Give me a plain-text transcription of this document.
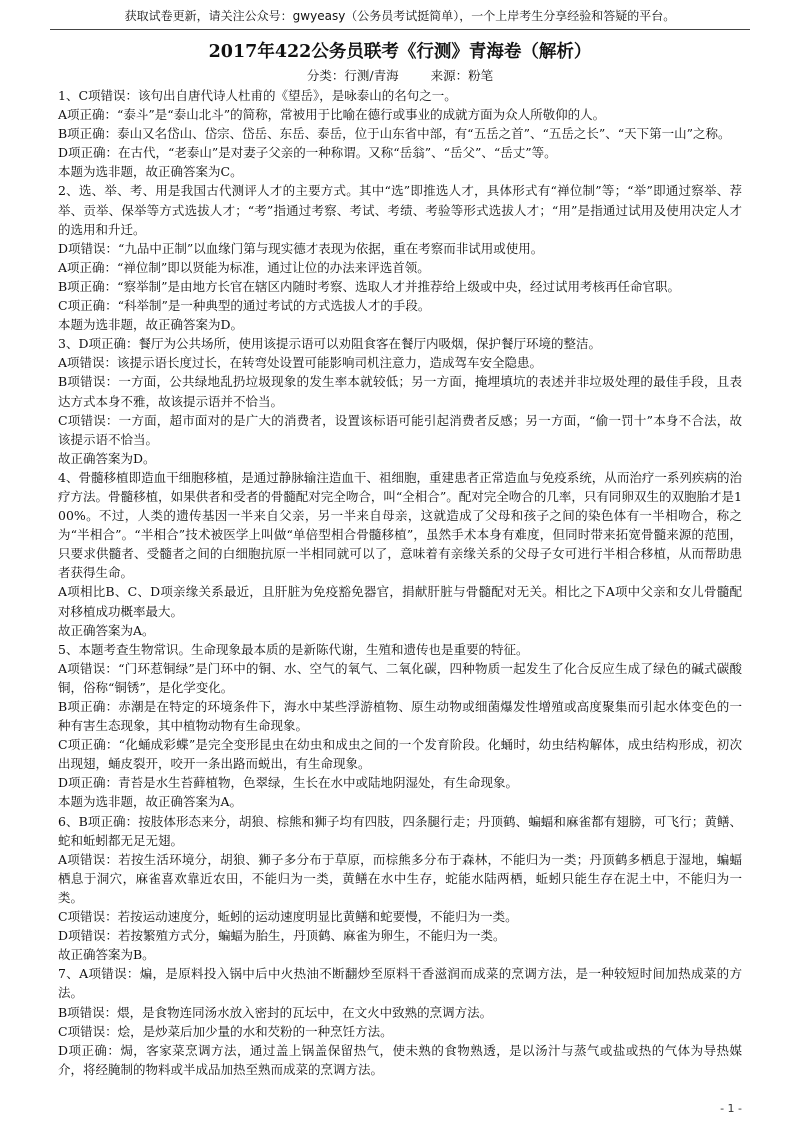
获取试卷更新，请关注公众号：gwyeasy（公务员考试挺简单），一个上岸考生分享经验和答疑的平台。
2017年422公务员联考《行测》青海卷（解析）
分类：行测/青海	来源：粉笔

1、C项错误：该句出自唐代诗人杜甫的《望岳》，是咏泰山的名句之一。

A项正确：“泰斗”是“泰山北斗”的简称，常被用于比喻在德行或事业的成就方面为众人所敬仰的人。

B项正确：泰山又名岱山、岱宗、岱岳、东岳、泰岳，位于山东省中部，有“五岳之首”、“五岳之长”、“天下第一山”之称。

D项正确：在古代，“老泰山”是对妻子父亲的一种称谓。又称“岳翁”、“岳父”、“岳丈”等。

本题为选非题，故正确答案为C。

2、选、举、考、用是我国古代测评人才的主要方式。其中“选”即推选人才，具体形式有“禅位制”等；“举”即通过察举、荐举、贡举、保举等方式选拔人才；“考”指通过考察、考试、考绩、考验等形式选拔人才；“用”是指通过试用及使用决定人才的选用和升迁。

D项错误：“九品中正制”以血缘门第与现实德才表现为依据，重在考察而非试用或使用。

A项正确：“禅位制”即以贤能为标准，通过让位的办法来评选首领。

B项正确：“察举制”是由地方长官在辖区内随时考察、选取人才并推荐给上级或中央，经过试用考核再任命官职。

C项正确：“科举制”是一种典型的通过考试的方式选拔人才的手段。

本题为选非题，故正确答案为D。

3、D项正确：餐厅为公共场所，使用该提示语可以劝阻食客在餐厅内吸烟，保护餐厅环境的整洁。

A项错误：该提示语长度过长，在转弯处设置可能影响司机注意力，造成驾车安全隐患。

B项错误：一方面，公共绿地乱扔垃圾现象的发生率本就较低；另一方面，掩埋填坑的表述并非垃圾处理的最佳手段，且表达方式本身不雅，故该提示语并不恰当。

C项错误：一方面，超市面对的是广大的消费者，设置该标语可能引起消费者反感；另一方面，“偷一罚十”本身不合法，故该提示语不恰当。

故正确答案为D。

4、骨髓移植即造血干细胞移植，是通过静脉输注造血干、祖细胞，重建患者正常造血与免疫系统，从而治疗一系列疾病的治疗方法。骨髓移植，如果供者和受者的骨髓配对完全吻合，叫“全相合”。配对完全吻合的几率，只有同卵双生的双胞胎才是100%。不过，人类的遗传基因一半来自父亲，另一半来自母亲，这就造成了父母和孩子之间的染色体有一半相吻合，称之为“半相合”。“半相合”技术被医学上叫做“单倍型相合骨髓移植”，虽然手术本身有难度，但同时带来拓宽骨髓来源的范围，只要求供髓者、受髓者之间的白细胞抗原一半相同就可以了，意味着有亲缘关系的父母子女可进行半相合移植，从而帮助患者获得生命。

A项相比B、C、D项亲缘关系最近，且肝脏为免疫豁免器官，捐献肝脏与骨髓配对无关。相比之下A项中父亲和女儿骨髓配对移植成功概率最大。

故正确答案为A。

5、本题考查生物常识。生命现象最本质的是新陈代谢，生殖和遗传也是重要的特征。

A项错误：“门环惹铜绿”是门环中的铜、水、空气的氧气、二氧化碳，四种物质一起发生了化合反应生成了绿色的碱式碳酸铜，俗称“铜锈”，是化学变化。

B项正确：赤潮是在特定的环境条件下，海水中某些浮游植物、原生动物或细菌爆发性增殖或高度聚集而引起水体变色的一种有害生态现象，其中植物动物有生命现象。

C项正确：“化蛹成彩蝶”是完全变形昆虫在幼虫和成虫之间的一个发育阶段。化蛹时，幼虫结构解体，成虫结构形成，初次出现翅，蛹皮裂开，咬开一条出路而蜕出，有生命现象。

D项正确：青苔是水生苔藓植物，色翠绿，生长在水中或陆地阴湿处，有生命现象。

本题为选非题，故正确答案为A。

6、B项正确：按肢体形态来分，胡狼、棕熊和狮子均有四肢，四条腿行走；丹顶鹤、蝙蝠和麻雀都有翅膀，可飞行；黄鳝、蛇和蚯蚓都无足无翅。

A项错误：若按生活环境分，胡狼、狮子多分布于草原，而棕熊多分布于森林，不能归为一类；丹顶鹤多栖息于湿地，蝙蝠栖息于洞穴，麻雀喜欢靠近农田，不能归为一类，黄鳝在水中生存，蛇能水陆两栖，蚯蚓只能生存在泥土中，不能归为一类。

C项错误：若按运动速度分，蚯蚓的运动速度明显比黄鳝和蛇要慢，不能归为一类。

D项错误：若按繁殖方式分，蝙蝠为胎生，丹顶鹤、麻雀为卵生，不能归为一类。

故正确答案为B。

7、A项错误：煸，是原料投入锅中后中火热油不断翻炒至原料干香滋润而成菜的烹调方法，是一种较短时间加热成菜的方法。

B项错误：煨，是食物连同汤水放入密封的瓦坛中，在文火中致熟的烹调方法。

C项错误：烩，是炒菜后加少量的水和芡粉的一种烹饪方法。

D项正确：焗，客家菜烹调方法，通过盖上锅盖保留热气，使未熟的食物熟透，是以汤汁与蒸气或盐或热的气体为导热媒介，将经腌制的物料或半成品加热至熟而成菜的烹调方法。

- 1 -
